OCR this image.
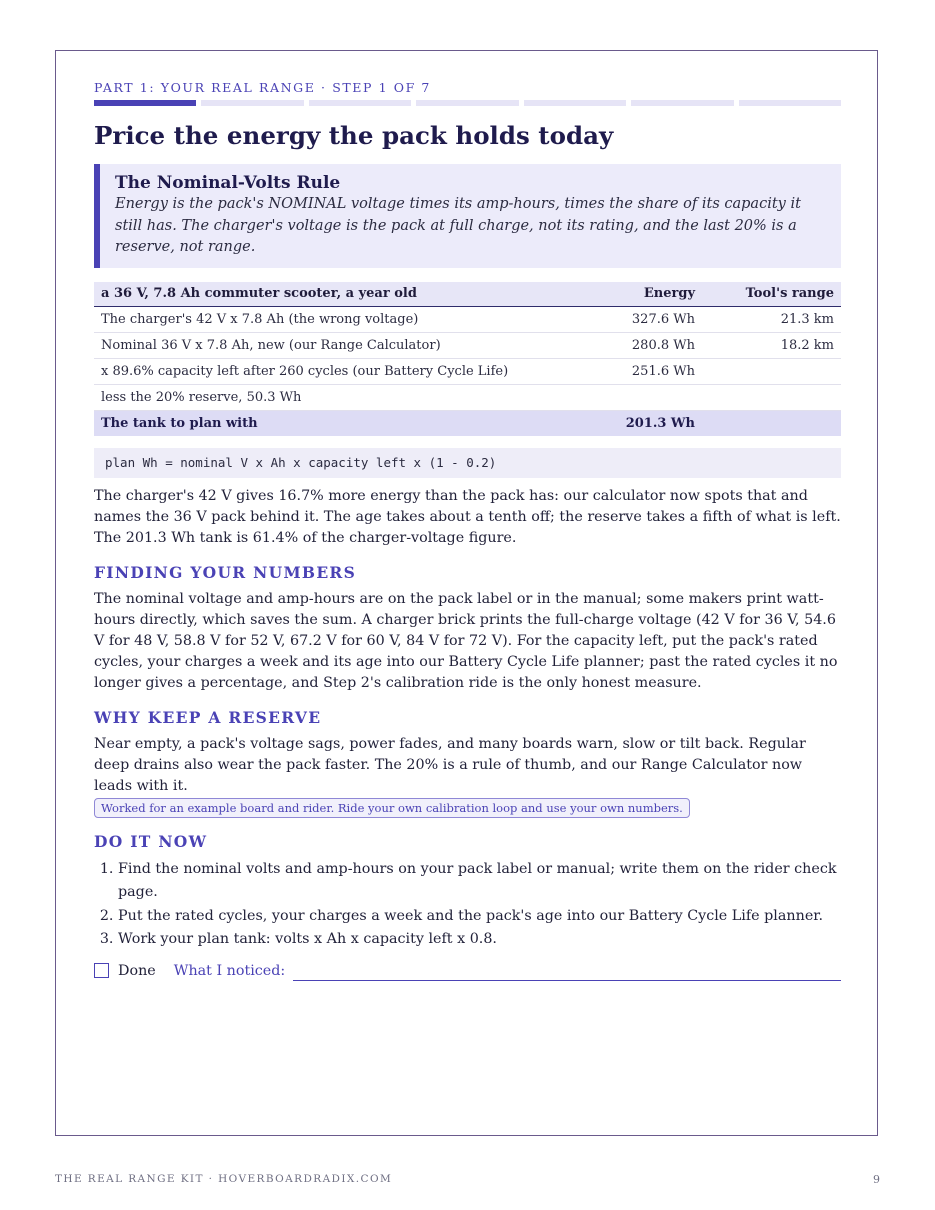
PART 1: YOUR REAL RANGE · STEP 1 OF 7
Price the energy the pack holds today
The Nominal-Volts Rule
Energy is the pack's NOMINAL voltage times its amp-hours, times the share of its capacity it still has. The charger's voltage is the pack at full charge, not its rating, and the last 20% is a reserve, not range.
a 36 V, 7.8 Ah commuter scooter, a year old	Energy	Tool's range
The charger's 42 V x 7.8 Ah (the wrong voltage)	327.6 Wh	21.3 km
Nominal 36 V x 7.8 Ah, new (our Range Calculator)	280.8 Wh	18.2 km
x 89.6% capacity left after 260 cycles (our Battery Cycle Life)	251.6 Wh	
less the 20% reserve, 50.3 Wh		
The tank to plan with	201.3 Wh	
plan Wh = nominal V x Ah x capacity left x (1 - 0.2)

The charger's 42 V gives 16.7% more energy than the pack has: our calculator now spots that and names the 36 V pack behind it. The age takes about a tenth off; the reserve takes a fifth of what is left. The 201.3 Wh tank is 61.4% of the charger-voltage figure.

FINDING YOUR NUMBERS

The nominal voltage and amp-hours are on the pack label or in the manual; some makers print watt-hours directly, which saves the sum. A charger brick prints the full-charge voltage (42 V for 36 V, 54.6 V for 48 V, 58.8 V for 52 V, 67.2 V for 60 V, 84 V for 72 V). For the capacity left, put the pack's rated cycles, your charges a week and its age into our Battery Cycle Life planner; past the rated cycles it no longer gives a percentage, and Step 2's calibration ride is the only honest measure.

WHY KEEP A RESERVE

Near empty, a pack's voltage sags, power fades, and many boards warn, slow or tilt back. Regular deep drains also wear the pack faster. The 20% is a rule of thumb, and our Range Calculator now leads with it.

Worked for an example board and rider. Ride your own calibration loop and use your own numbers.
DO IT NOW
1. Find the nominal volts and amp-hours on your pack label or manual; write them on the rider check page.
2. Put the rated cycles, your charges a week and the pack's age into our Battery Cycle Life planner.
3. Work your plan tank: volts x Ah x capacity left x 0.8.
Done What I noticed:
THE REAL RANGE KIT · HOVERBOARDRADIX.COM	9
